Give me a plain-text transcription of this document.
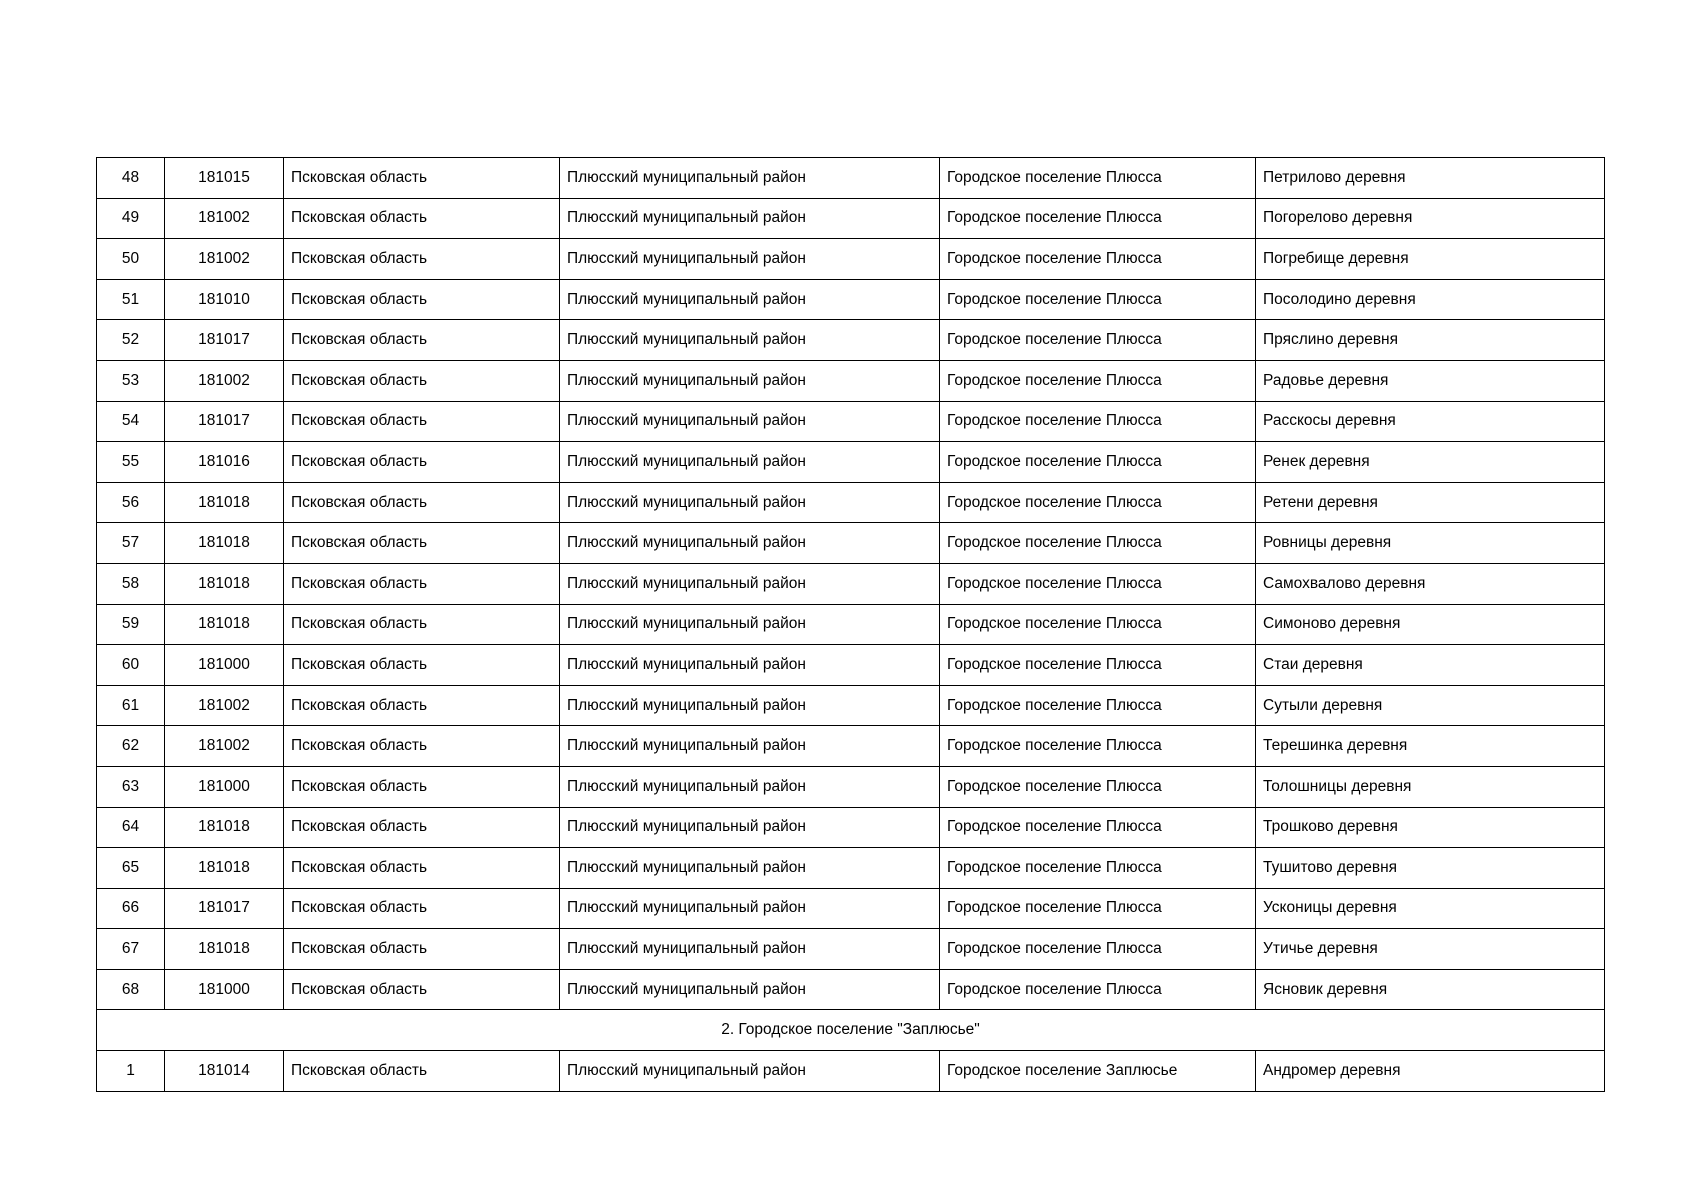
48	181015	Псковская область	Плюсский муниципальный район	Городское поселение Плюсса	Петрилово деревня
49	181002	Псковская область	Плюсский муниципальный район	Городское поселение Плюсса	Погорелово деревня
50	181002	Псковская область	Плюсский муниципальный район	Городское поселение Плюсса	Погребище деревня
51	181010	Псковская область	Плюсский муниципальный район	Городское поселение Плюсса	Посолодино деревня
52	181017	Псковская область	Плюсский муниципальный район	Городское поселение Плюсса	Пряслино деревня
53	181002	Псковская область	Плюсский муниципальный район	Городское поселение Плюсса	Радовье деревня
54	181017	Псковская область	Плюсский муниципальный район	Городское поселение Плюсса	Расскосы деревня
55	181016	Псковская область	Плюсский муниципальный район	Городское поселение Плюсса	Ренек деревня
56	181018	Псковская область	Плюсский муниципальный район	Городское поселение Плюсса	Ретени деревня
57	181018	Псковская область	Плюсский муниципальный район	Городское поселение Плюсса	Ровницы деревня
58	181018	Псковская область	Плюсский муниципальный район	Городское поселение Плюсса	Самохвалово деревня
59	181018	Псковская область	Плюсский муниципальный район	Городское поселение Плюсса	Симоново деревня
60	181000	Псковская область	Плюсский муниципальный район	Городское поселение Плюсса	Стаи деревня
61	181002	Псковская область	Плюсский муниципальный район	Городское поселение Плюсса	Сутыли деревня
62	181002	Псковская область	Плюсский муниципальный район	Городское поселение Плюсса	Терешинка деревня
63	181000	Псковская область	Плюсский муниципальный район	Городское поселение Плюсса	Толошницы деревня
64	181018	Псковская область	Плюсский муниципальный район	Городское поселение Плюсса	Трошково деревня
65	181018	Псковская область	Плюсский муниципальный район	Городское поселение Плюсса	Тушитово деревня
66	181017	Псковская область	Плюсский муниципальный район	Городское поселение Плюсса	Усконицы деревня
67	181018	Псковская область	Плюсский муниципальный район	Городское поселение Плюсса	Утичье деревня
68	181000	Псковская область	Плюсский муниципальный район	Городское поселение Плюсса	Ясновик деревня
2. Городское поселение "Заплюсье"					
1	181014	Псковская область	Плюсский муниципальный район	Городское поселение Заплюсье	Андромер деревня
